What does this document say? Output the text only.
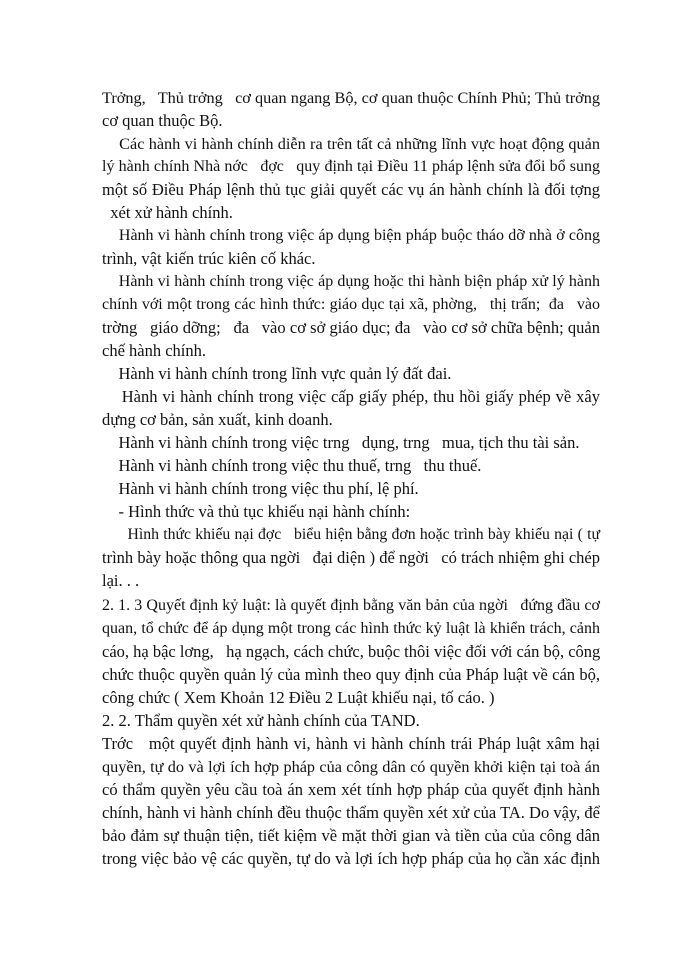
Trởng,   Thủ trởng   cơ quan ngang Bộ, cơ quan thuộc Chính Phủ; Thủ trởng
cơ quan thuộc Bộ.
Các hành vi hành chính diễn ra trên tất cả những lĩnh vực hoạt động quản
lý hành chính Nhà nớc   đợc   quy định tại Điều 11 pháp lệnh sửa đổi bổ sung
một số Điều Pháp lệnh thủ tục giải quyết các vụ án hành chính là đối tợng
xét xử hành chính.
Hành vi hành chính trong việc áp dụng biện pháp buộc tháo dỡ nhà ở công
trình, vật kiến trúc kiên cố khác.
Hành vi hành chính trong việc áp dụng hoặc thi hành biện pháp xử lý hành
chính với một trong các hình thức: giáo dục tại xã, phờng,   thị trấn;  đa   vào
trờng   giáo dỡng;   đa   vào cơ sở giáo dục; đa   vào cơ sở chữa bệnh; quản
chế hành chính.
Hành vi hành chính trong lĩnh vực quản lý đất đai.
Hành vi hành chính trong việc cấp giấy phép, thu hồi giấy phép về xây
dựng cơ bản, sản xuất, kinh doanh.
Hành vi hành chính trong việc trng   dụng, trng   mua, tịch thu tài sản.
Hành vi hành chính trong việc thu thuế, trng   thu thuế.
Hành vi hành chính trong việc thu phí, lệ phí.
- Hình thức và thủ tục khiếu nại hành chính:
Hình thức khiếu nại đợc   biểu hiện bằng đơn hoặc trình bày khiếu nại ( tự
trình bày hoặc thông qua ngời   đại diện ) để ngời   có trách nhiệm ghi chép
lại. . .
2. 1. 3 Quyết định kỷ luật: là quyết định bằng văn bản của ngời   đứng đầu cơ
quan, tổ chức để áp dụng một trong các hình thức kỷ luật là khiển trách, cảnh
cáo, hạ bậc lơng,   hạ ngạch, cách chức, buộc thôi việc đối với cán bộ, công
chức thuộc quyền quản lý của mình theo quy định của Pháp luật về cán bộ,
công chức ( Xem Khoản 12 Điều 2 Luật khiếu nại, tố cáo. )
2. 2. Thẩm quyền xét xử hành chính của TAND.
Trớc   một quyết định hành vi, hành vi hành chính trái Pháp luật xâm hại
quyền, tự do và lợi ích hợp pháp của công dân có quyền khởi kiện tại toà án
có thẩm quyền yêu cầu toà án xem xét tính hợp pháp của quyết định hành
chính, hành vi hành chính đều thuộc thẩm quyền xét xử của TA. Do vậy, để
bảo đảm sự thuận tiện, tiết kiệm về mặt thời gian và tiền của của công dân
trong việc bảo vệ các quyền, tự do và lợi ích hợp pháp của họ cần xác định
